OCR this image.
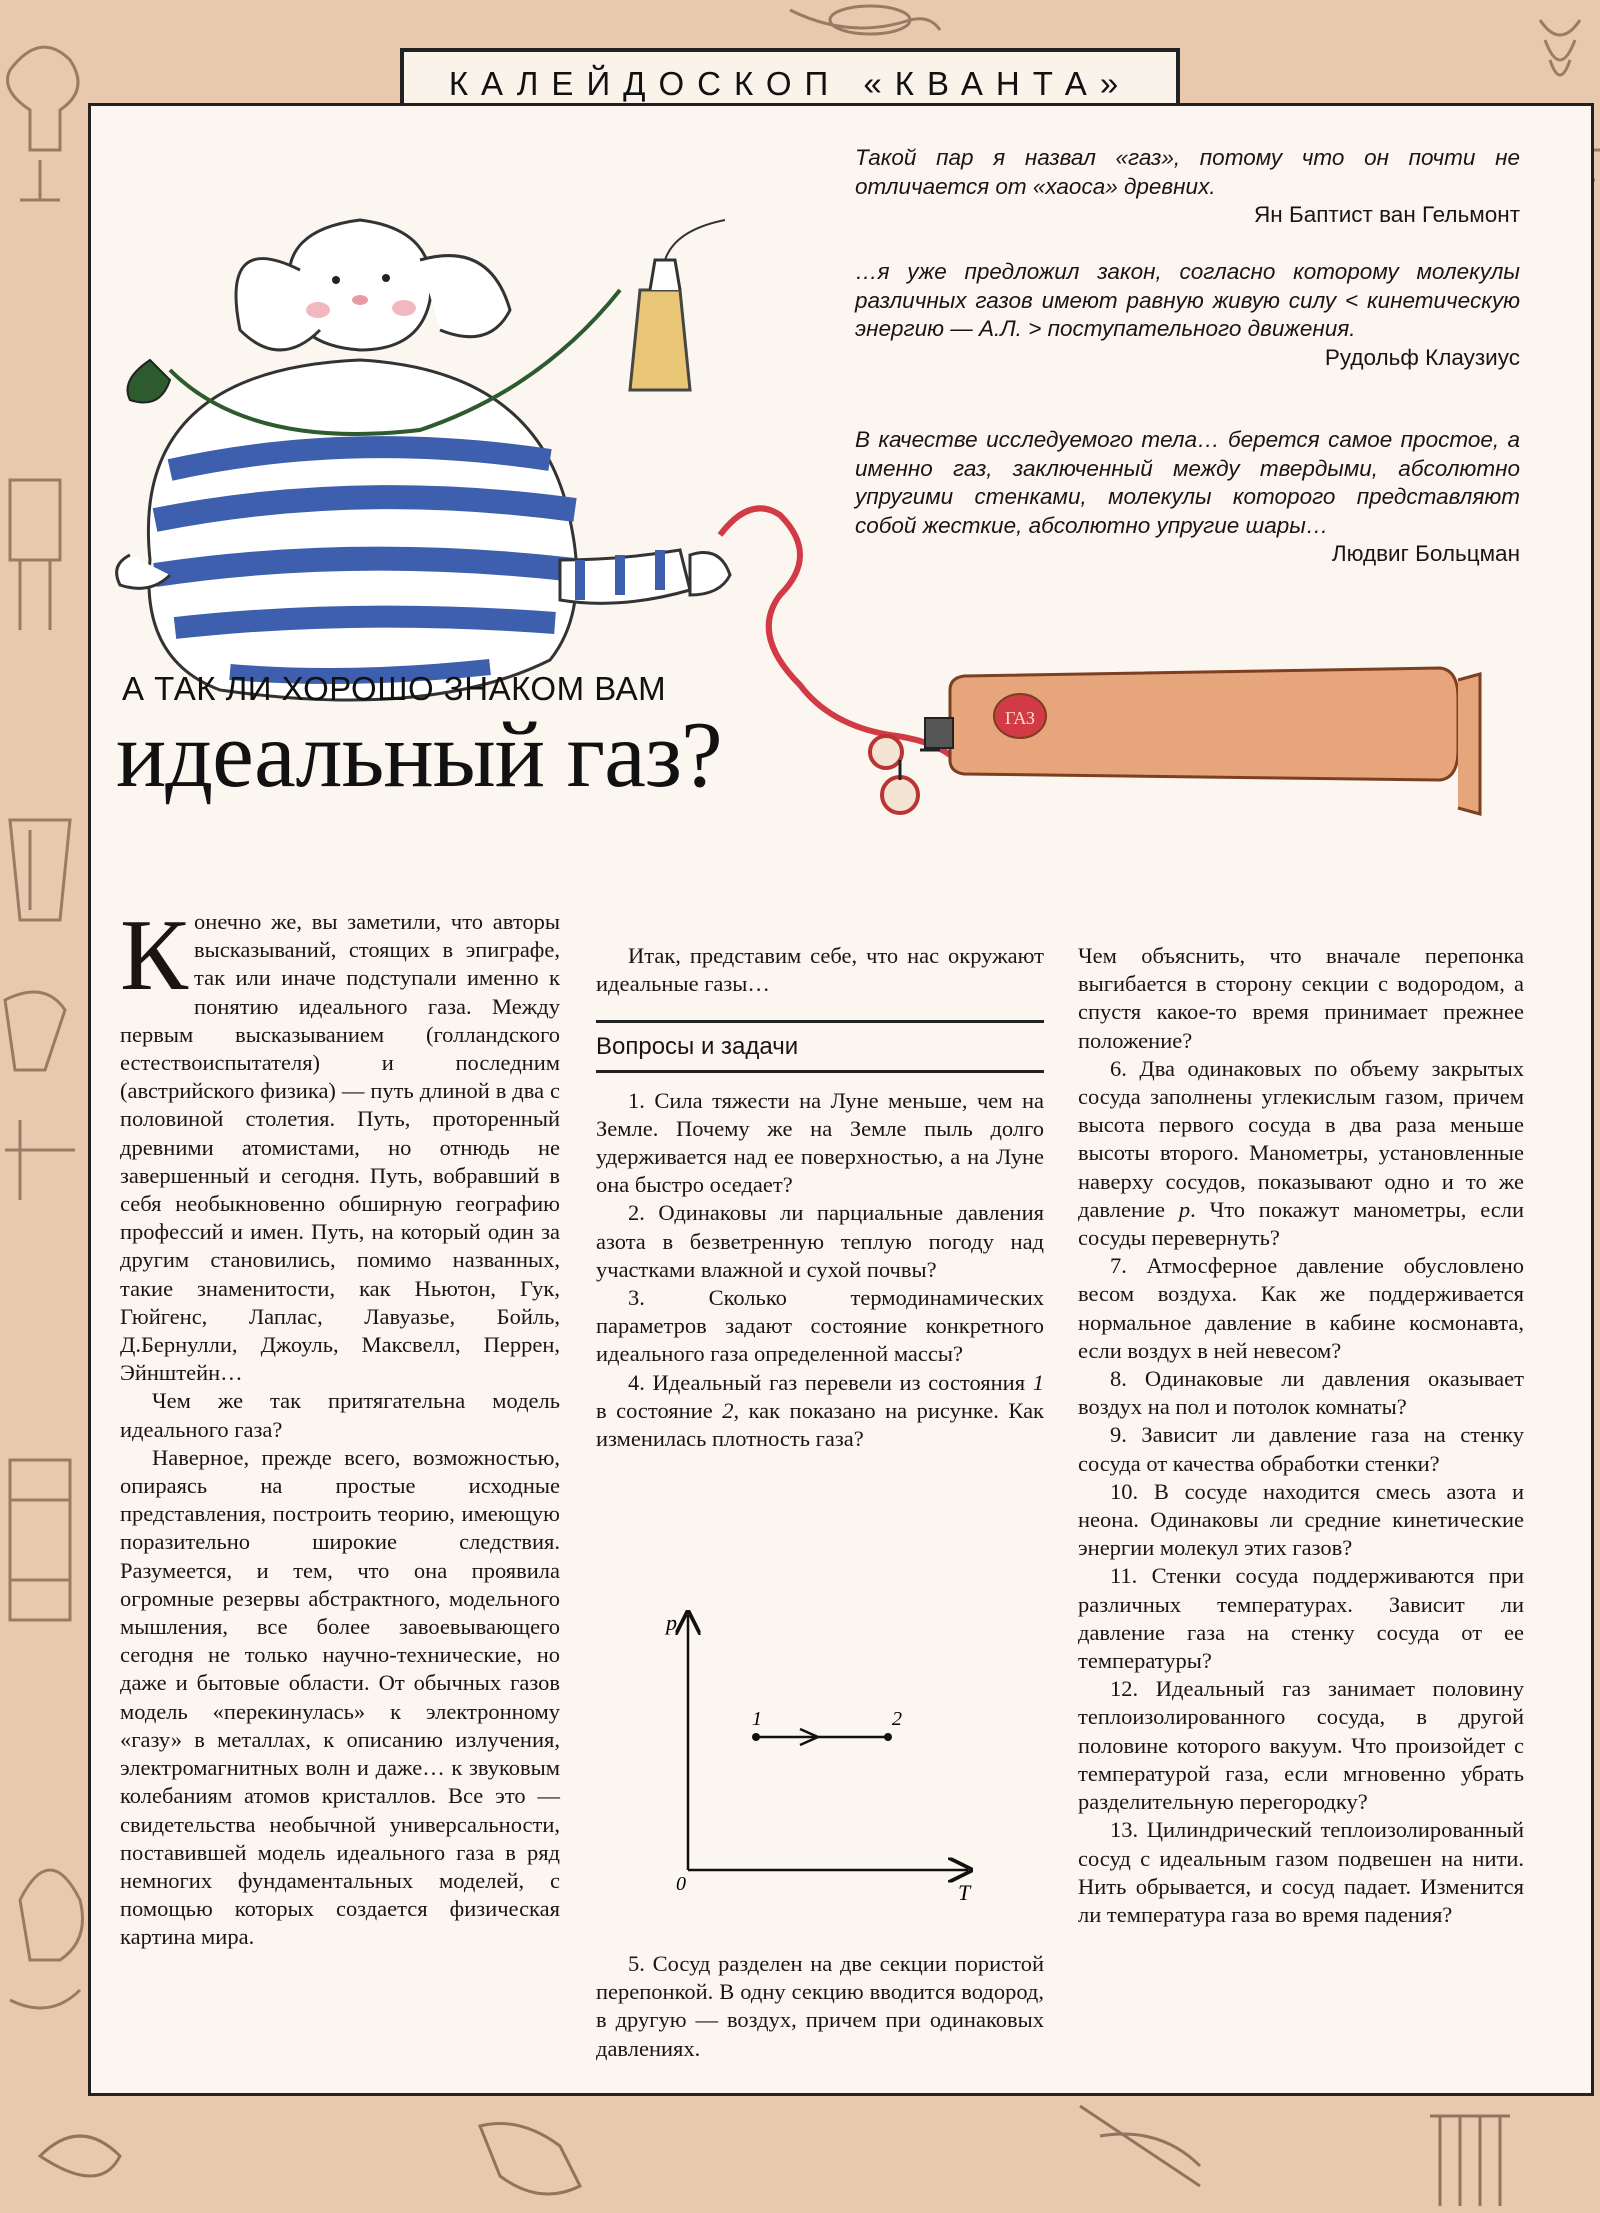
КАЛЕЙДОСКОП «КВАНТА»
ГАЗ
Такой пар я назвал «газ», потому что он почти не отличается от «хаоса» древних.
Ян Баптист ван Гельмонт
…я уже предложил закон, согласно которому молекулы различных газов имеют равную живую силу < кинетическую энергию — А.Л. > поступательного движения.
Рудольф Клаузиус
В качестве исследуемого тела… берется самое простое, а именно газ, заключенный между твердыми, абсолютно упругими стенками, молекулы которого представляют собой жесткие, абсолютно упругие шары…
Людвиг Больцман
А ТАК ЛИ ХОРОШО ЗНАКОМ ВАМ
идеальный газ?

Конечно же, вы заметили, что авторы высказываний, стоящих в эпиграфе, так или иначе подступали именно к понятию идеального газа. Между первым высказыванием (голландского естествоиспытателя) и последним (австрийского физика) — путь длиной в два с половиной столетия. Путь, проторенный древними атомистами, но отнюдь не завершенный и сегодня. Путь, вобравший в себя необыкновенно обширную географию профессий и имен. Путь, на который один за другим становились, помимо названных, такие знаменитости, как Ньютон, Гук, Гюйгенс, Лаплас, Лавуазье, Бойль, Д.Бернулли, Джоуль, Максвелл, Перрен, Эйнштейн…

Чем же так притягательна модель идеального газа?

Наверное, прежде всего, возможностью, опираясь на простые исходные представления, построить теорию, имеющую поразительно широкие следствия. Разумеется, и тем, что она проявила огромные резервы абстрактного, модельного мышления, все более завоевывающего сегодня не только научно-технические, но даже и бытовые области. От обычных газов модель «перекинулась» к электронному «газу» в металлах, к описанию излучения, электромагнитных волн и даже… к звуковым колебаниям атомов кристаллов. Все это — свидетельства необычной универсальности, поставившей модель идеального газа в ряд немногих фундаментальных моделей, с помощью которых создается физическая картина мира.

Итак, представим себе, что нас окружают идеальные газы…

Вопросы и задачи

1. Сила тяжести на Луне меньше, чем на Земле. Почему же на Земле пыль долго удерживается над ее поверхностью, а на Луне она быстро оседает?

2. Одинаковы ли парциальные давления азота в безветренную теплую погоду над участками влажной и сухой почвы?

3. Сколько термодинамических параметров задают состояние конкретного идеального газа определенной массы?

4. Идеальный газ перевели из состояния 1 в состояние 2, как показано на рисунке. Как изменилась плотность газа?

p
T
0
1	2

5. Сосуд разделен на две секции пористой перепонкой. В одну секцию вводится водород, в другую — воздух, причем при одинаковых давлениях.

Чем объяснить, что вначале перепонка выгибается в сторону секции с водородом, а спустя какое-то время принимает прежнее положение?

6. Два одинаковых по объему закрытых сосуда заполнены углекислым газом, причем высота первого сосуда в два раза меньше высоты второго. Манометры, установленные наверху сосудов, показывают одно и то же давление p. Что покажут манометры, если сосуды перевернуть?

7. Атмосферное давление обусловлено весом воздуха. Как же поддерживается нормальное давление в кабине космонавта, если воздух в ней невесом?

8. Одинаковые ли давления оказывает воздух на пол и потолок комнаты?

9. Зависит ли давление газа на стенку сосуда от качества обработки стенки?

10. В сосуде находится смесь азота и неона. Одинаковы ли средние кинетические энергии молекул этих газов?

11. Стенки сосуда поддерживаются при различных температурах. Зависит ли давление газа на стенку сосуда от ее температуры?

12. Идеальный газ занимает половину теплоизолированного сосуда, в другой половине которого вакуум. Что произойдет с температурой газа, если мгновенно убрать разделительную перегородку?

13. Цилиндрический теплоизолированный сосуд с идеальным газом подвешен на нити. Нить обрывается, и сосуд падает. Изменится ли температура газа во время падения?
